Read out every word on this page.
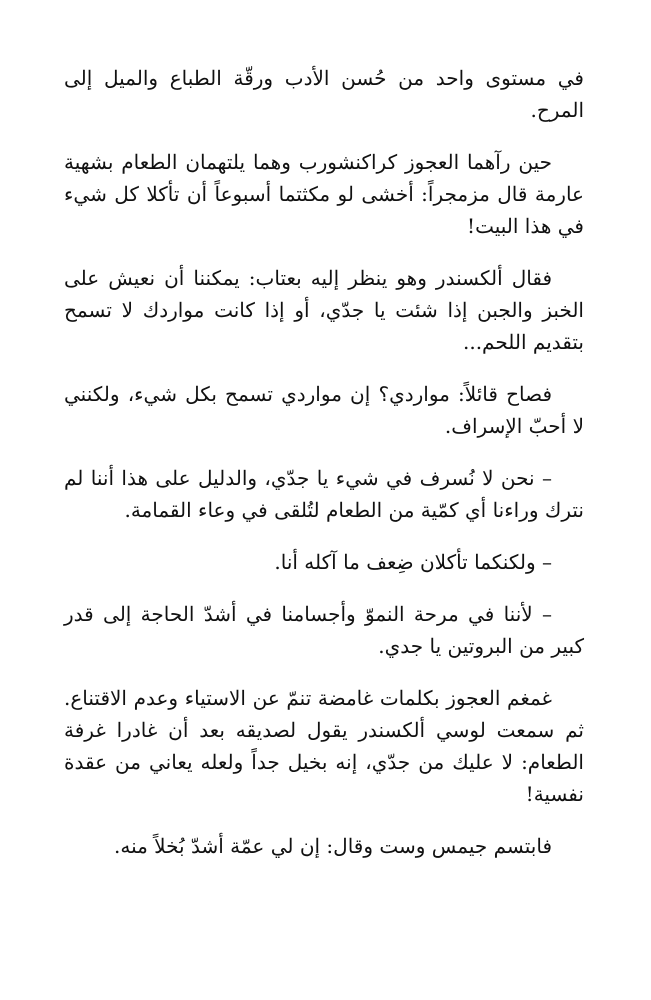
في مستوى واحد من حُسن الأدب ورقّة الطباع والميل إلى المرح.

حين رآهما العجوز كراكنشورب وهما يلتهمان الطعام بشهية عارمة قال مزمجراً: أخشى لو مكثتما أسبوعاً أن تأكلا كل شيء في هذا البيت!

فقال ألكسندر وهو ينظر إليه بعتاب: يمكننا أن نعيش على الخبز والجبن إذا شئت يا جدّي، أو إذا كانت مواردك لا تسمح بتقديم اللحم...

فصاح قائلاً: مواردي؟ إن مواردي تسمح بكل شيء، ولكنني لا أحبّ الإسراف.

– نحن لا نُسرف في شيء يا جدّي، والدليل على هذا أننا لم نترك وراءنا أي كمّية من الطعام لتُلقى في وعاء القمامة.

– ولكنكما تأكلان ضِعف ما آكله أنا.

– لأننا في مرحة النموّ وأجسامنا في أشدّ الحاجة إلى قدر كبير من البروتين يا جدي.

غمغم العجوز بكلمات غامضة تنمّ عن الاستياء وعدم الاقتناع. ثم سمعت لوسي ألكسندر يقول لصديقه بعد أن غادرا غرفة الطعام: لا عليك من جدّي، إنه بخيل جداً ولعله يعاني من عقدة نفسية!

فابتسم جيمس وست وقال: إن لي عمّة أشدّ بُخلاً منه.
